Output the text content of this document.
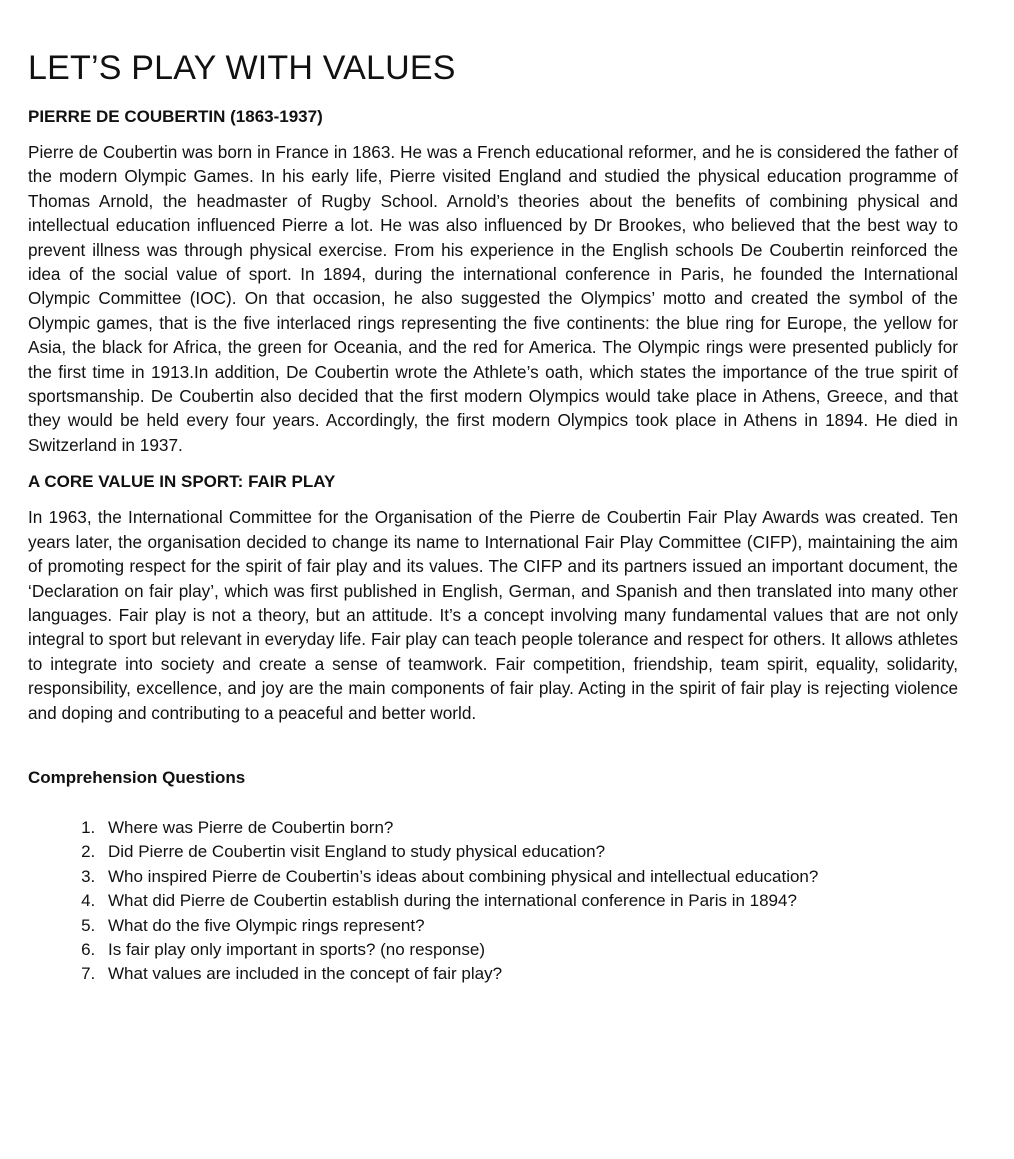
LET’S PLAY WITH VALUES
PIERRE DE COUBERTIN (1863-1937)

Pierre de Coubertin was born in France in 1863. He was a French educational reformer, and he is considered the father of the modern Olympic Games. In his early life, Pierre visited England and studied the physical education programme of Thomas Arnold, the headmaster of Rugby School. Arnold’s theories about the benefits of combining physical and intellectual education influenced Pierre a lot. He was also influenced by Dr Brookes, who believed that the best way to prevent illness was through physical exercise. From his experience in the English schools De Coubertin reinforced the idea of the social value of sport. In 1894, during the international conference in Paris, he founded the International Olympic Committee (IOC). On that occasion, he also suggested the Olympics’ motto and created the symbol of the Olympic games, that is the five interlaced rings representing the five continents: the blue ring for Europe, the yellow for Asia, the black for Africa, the green for Oceania, and the red for America. The Olympic rings were presented publicly for the first time in 1913.In addition, De Coubertin wrote the Athlete’s oath, which states the importance of the true spirit of sportsmanship. De Coubertin also decided that the first modern Olympics would take place in Athens, Greece, and that they would be held every four years. Accordingly, the first modern Olympics took place in Athens in 1894. He died in Switzerland in 1937.

A CORE VALUE IN SPORT: FAIR PLAY

In 1963, the International Committee for the Organisation of the Pierre de Coubertin Fair Play Awards was created. Ten years later, the organisation decided to change its name to International Fair Play Committee (CIFP), maintaining the aim of promoting respect for the spirit of fair play and its values. The CIFP and its partners issued an important document, the ‘Declaration on fair play’, which was first published in English, German, and Spanish and then translated into many other languages. Fair play is not a theory, but an attitude. It’s a concept involving many fundamental values that are not only integral to sport but relevant in everyday life. Fair play can teach people tolerance and respect for others. It allows athletes to integrate into society and create a sense of teamwork. Fair competition, friendship, team spirit, equality, solidarity, responsibility, excellence, and joy are the main components of fair play. Acting in the spirit of fair play is rejecting violence and doping and contributing to a peaceful and better world.

Comprehension Questions
1. Where was Pierre de Coubertin born?
2. Did Pierre de Coubertin visit England to study physical education?
3. Who inspired Pierre de Coubertin’s ideas about combining physical and intellectual education?
4. What did Pierre de Coubertin establish during the international conference in Paris in 1894?
5. What do the five Olympic rings represent?
6. Is fair play only important in sports? (no response)
7. What values are included in the concept of fair play?
